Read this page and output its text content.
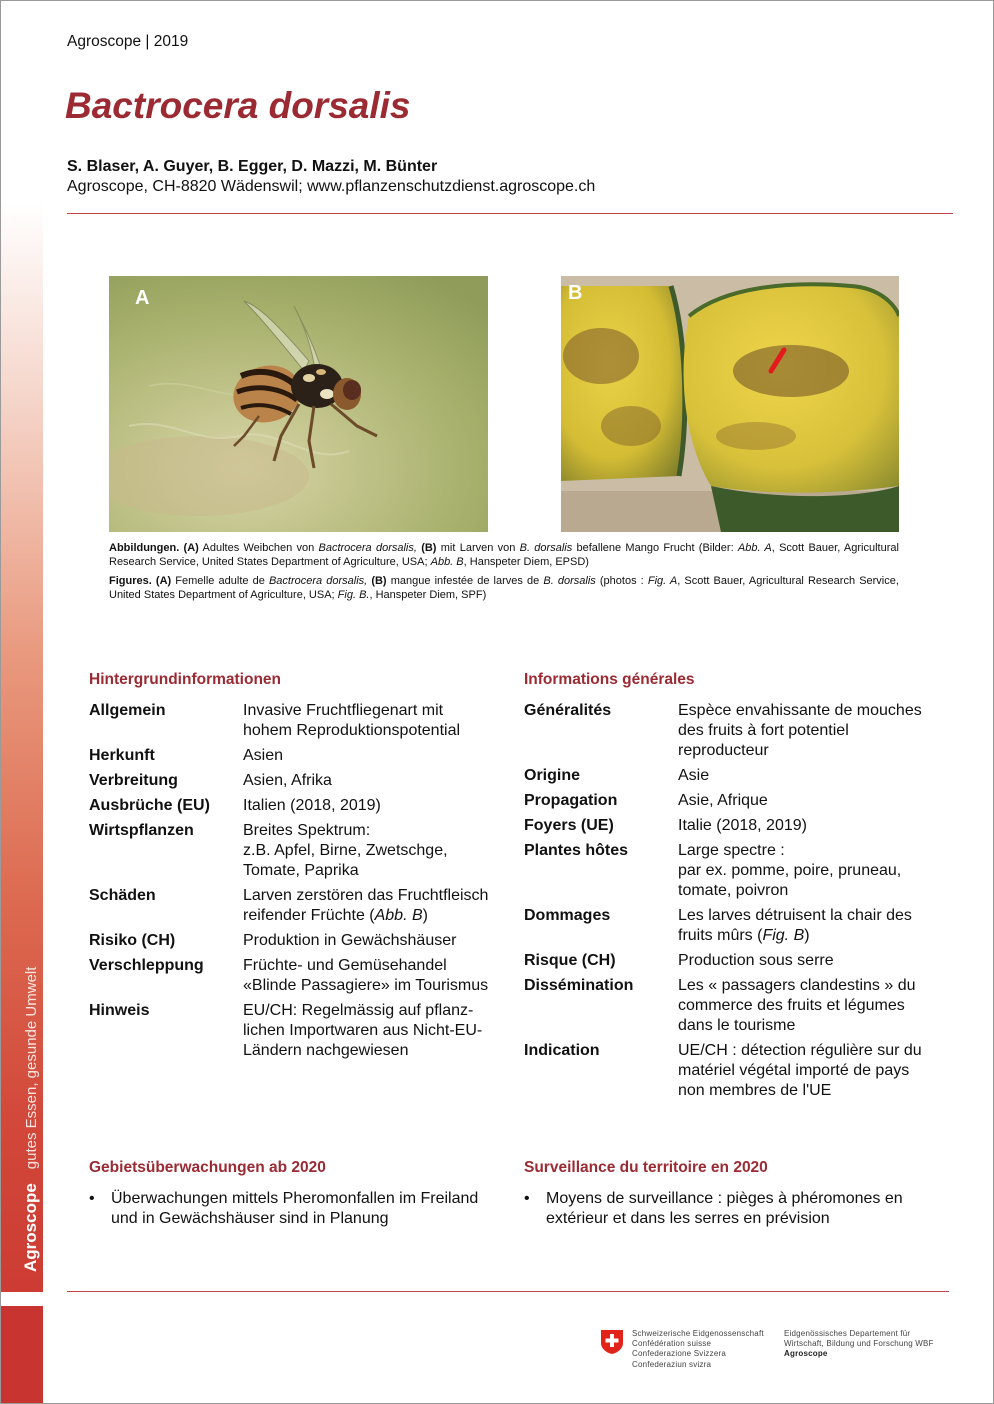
Agroscopegutes Essen, gesunde Umwelt
Agroscope | 2019
Bactrocera dorsalis
S. Blaser, A. Guyer, B. Egger, D. Mazzi, M. Bünter
Agroscope, CH-8820 Wädenswil; www.pflanzenschutzdienst.agroscope.ch
A	B
Abbildungen. (A) Adultes Weibchen von Bactrocera dorsalis, (B) mit Larven von B. dorsalis befallene Mango Frucht (Bilder: Abb. A, Scott Bauer, Agricultural Research Service, United States Department of Agriculture, USA; Abb. B, Hanspeter Diem, EPSD)
Figures. (A) Femelle adulte de Bactrocera dorsalis, (B) mangue infestée de larves de B. dorsalis (photos : Fig. A, Scott Bauer, Agricultural Research Service, United States Department of Agriculture, USA; Fig. B., Hanspeter Diem, SPF)
Hintergrundinformationen
Allgemein	Invasive Fruchtfliegenart mit
hohem Reproduktionspotential
Herkunft	Asien
Verbreitung	Asien, Afrika
Ausbrüche (EU)	Italien (2018, 2019)
Wirtspflanzen	Breites Spektrum:
z.B. Apfel, Birne, Zwetschge,
Tomate, Paprika
Schäden	Larven zerstören das Fruchtfleisch
reifender Früchte (Abb. B)
Risiko (CH)	Produktion in Gewächshäuser
Verschleppung	Früchte- und Gemüsehandel
«Blinde Passagiere» im Tourismus
Hinweis	EU/CH: Regelmässig auf pflanz-
lichen Importwaren aus Nicht-EU-
Ländern nachgewiesen
Informations générales
Généralités	Espèce envahissante de mouches
des fruits à fort potentiel
reproducteur
Origine	Asie
Propagation	Asie, Afrique
Foyers (UE)	Italie (2018, 2019)
Plantes hôtes	Large spectre :
par ex. pomme, poire, pruneau,
tomate, poivron
Dommages	Les larves détruisent la chair des
fruits mûrs (Fig. B)
Risque (CH)	Production sous serre
Dissémination	Les « passagers clandestins » du
commerce des fruits et légumes
dans le tourisme
Indication	UE/CH : détection régulière sur du
matériel végétal importé de pays
non membres de l'UE
Gebietsüberwachungen ab 2020
• Überwachungen mittels Pheromonfallen im Freiland
und in Gewächshäuser sind in Planung
Surveillance du territoire en 2020
• Moyens de surveillance : pièges à phéromones en
extérieur et dans les serres en prévision
Schweizerische Eidgenossenschaft
Confédération suisse
Confederazione Svizzera
Confederaziun svizra
Eidgenössisches Departement für
Wirtschaft, Bildung und Forschung WBF
Agroscope
